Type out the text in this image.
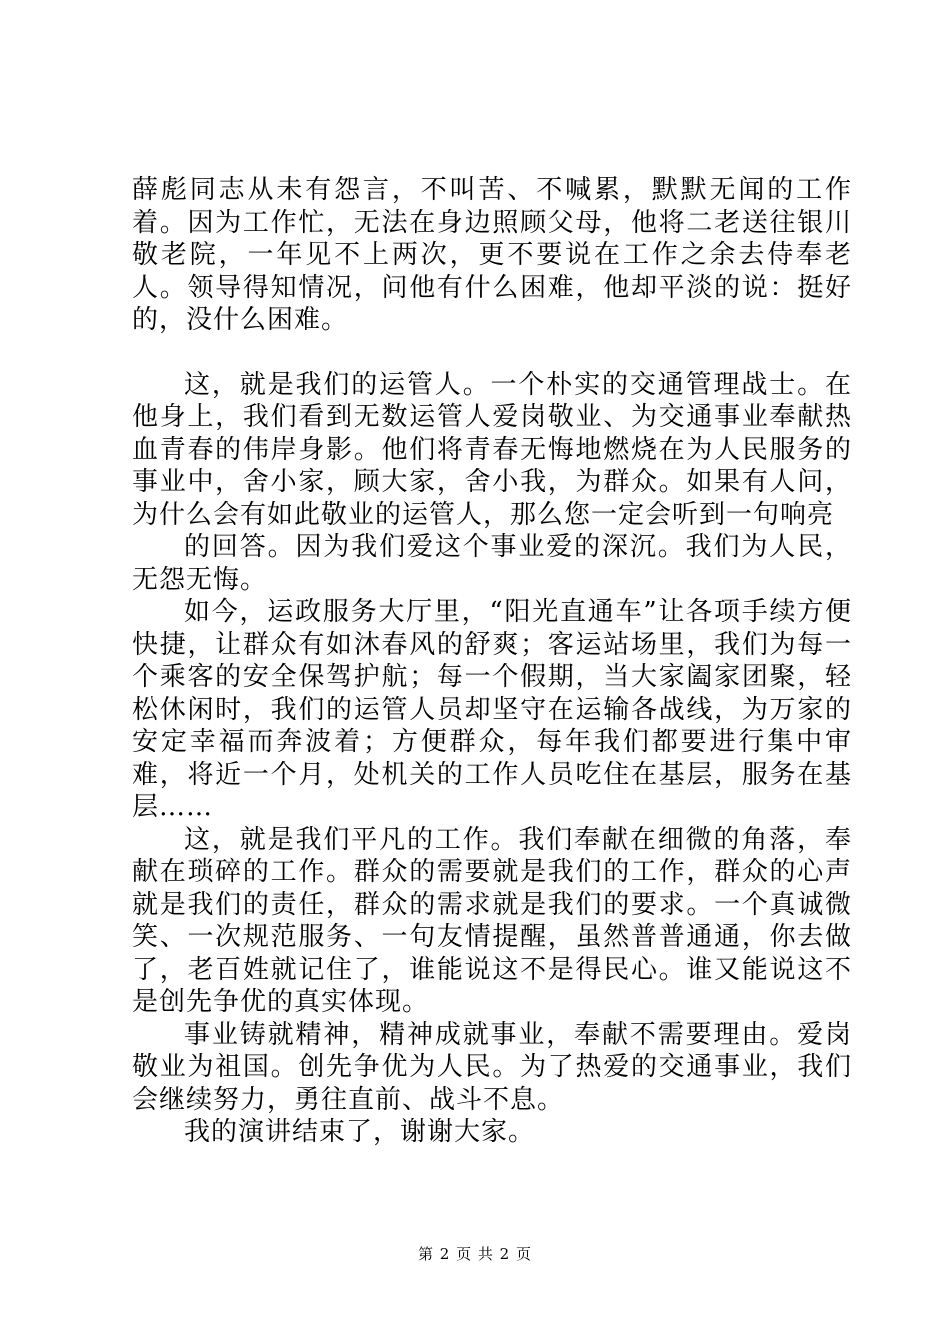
薛彪同志从未有怨言，不叫苦、不喊累，默默无闻的工作着。因为工作忙，无法在身边照顾父母，他将二老送往银川敬老院，一年见不上两次，更不要说在工作之余去侍奉老人。领导得知情况，问他有什么困难，他却平淡的说：挺好的，没什么困难。

这，就是我们的运管人。一个朴实的交通管理战士。在他身上，我们看到无数运管人爱岗敬业、为交通事业奉献热血青春的伟岸身影。他们将青春无悔地燃烧在为人民服务的事业中，舍小家，顾大家，舍小我，为群众。如果有人问，为什么会有如此敬业的运管人，那么您一定会听到一句响亮

的回答。因为我们爱这个事业爱的深沉。我们为人民，无怨无悔。

如今，运政服务大厅里，“阳光直通车”让各项手续方便快捷，让群众有如沐春风的舒爽；客运站场里，我们为每一个乘客的安全保驾护航；每一个假期，当大家阖家团聚，轻松休闲时，我们的运管人员却坚守在运输各战线，为万家的安定幸福而奔波着；方便群众，每年我们都要进行集中审难，将近一个月，处机关的工作人员吃住在基层，服务在基层……

这，就是我们平凡的工作。我们奉献在细微的角落，奉献在琐碎的工作。群众的需要就是我们的工作，群众的心声就是我们的责任，群众的需求就是我们的要求。一个真诚微笑、一次规范服务、一句友情提醒，虽然普普通通，你去做了，老百姓就记住了，谁能说这不是得民心。谁又能说这不是创先争优的真实体现。

事业铸就精神，精神成就事业，奉献不需要理由。爱岗敬业为祖国。创先争优为人民。为了热爱的交通事业，我们会继续努力，勇往直前、战斗不息。

我的演讲结束了，谢谢大家。

第 2 页 共 2 页
